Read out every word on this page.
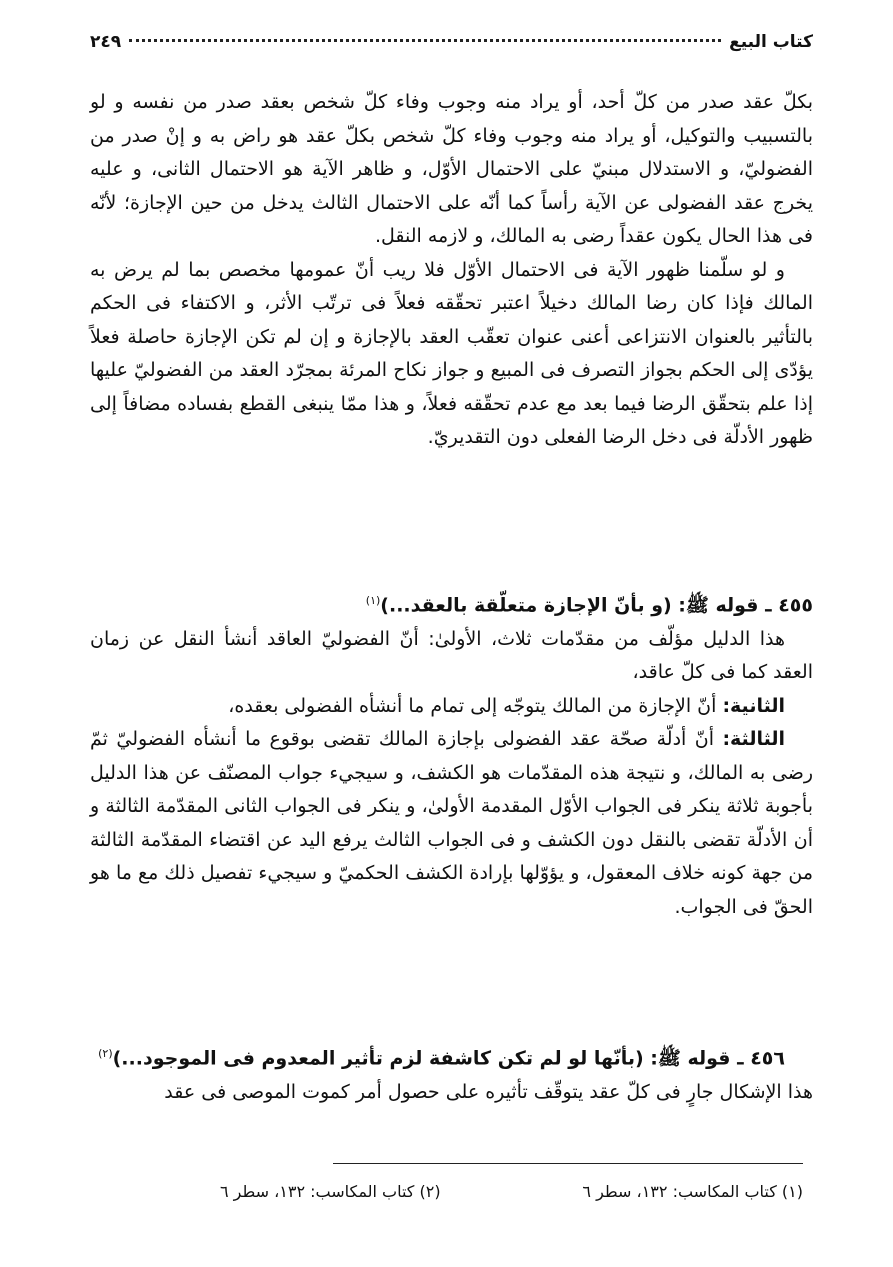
كتاب البيع
٢٤٩

بكلّ عقد صدر من كلّ أحد، أو يراد منه وجوب وفاء كلّ شخص بعقد صدر من نفسه و لو بالتسبيب والتوكيل، أو يراد منه وجوب وفاء كلّ شخص بكلّ عقد هو راض به و إنْ صدر من الفضوليّ، و الاستدلال مبنيّ على الاحتمال الأوّل، و ظاهر الآية هو الاحتمال الثانى، و عليه يخرج عقد الفضولى عن الآية رأساً كما أنّه على الاحتمال الثالث يدخل من حين الإجازة؛ لأنّه فى هذا الحال يكون عقداً رضى به المالك، و لازمه النقل.

و لو سلّمنا ظهور الآية فى الاحتمال الأوّل فلا ريب أنّ عمومها مخصص بما لم يرض به المالك فإذا كان رضا المالك دخيلاً اعتبر تحقّقه فعلاً فى ترتّب الأثر، و الاكتفاء فى الحكم بالتأثير بالعنوان الانتزاعى أعنى عنوان تعقّب العقد بالإجازة و إن لم تكن الإجازة حاصلة فعلاً يؤدّى إلى الحكم بجواز التصرف فى المبيع و جواز نكاح المرئة بمجرّد العقد من الفضوليّ عليها إذا علم بتحقّق الرضا فيما بعد مع عدم تحقّقه فعلاً، و هذا ممّا ينبغى القطع بفساده مضافاً إلى ظهور الأدلّة فى دخل الرضا الفعلى دون التقديريّ.

٤٥٥ ـ قوله ﷺ: (و بأنّ الإجازة متعلّقة بالعقد...)$^{(١)}$

هذا الدليل مؤلّف من مقدّمات ثلاث، الأولىٰ: أنّ الفضوليّ العاقد أنشأ النقل عن زمان العقد كما فى كلّ عاقد،

الثانية: أنّ الإجازة من المالك يتوجّه إلى تمام ما أنشأه الفضولى بعقده،

الثالثة: أنّ أدلّة صحّة عقد الفضولى بإجازة المالك تقضى بوقوع ما أنشأه الفضوليّ ثمّ رضى به المالك، و نتيجة هذه المقدّمات هو الكشف، و سيجيء جواب المصنّف عن هذا الدليل بأجوبة ثلاثة ينكر فى الجواب الأوّل المقدمة الأولىٰ، و ينكر فى الجواب الثانى المقدّمة الثالثة و أن الأدلّة تقضى بالنقل دون الكشف و فى الجواب الثالث يرفع اليد عن اقتضاء المقدّمة الثالثة من جهة كونه خلاف المعقول، و يؤوّلها بإرادة الكشف الحكميّ و سيجيء تفصيل ذلك مع ما هو الحقّ فى الجواب.

٤٥٦ ـ قوله ﷺ: (بأنّها لو لم تكن كاشفة لزم تأثير المعدوم فى الموجود...)$^{(٢)}$

هذا الإشكال جارٍ فى كلّ عقد يتوقّف تأثيره على حصول أمر كموت الموصى فى عقد

(١) كتاب المكاسب: ١٣٢، سطر ٦
(٢) كتاب المكاسب: ١٣٢، سطر ٦
